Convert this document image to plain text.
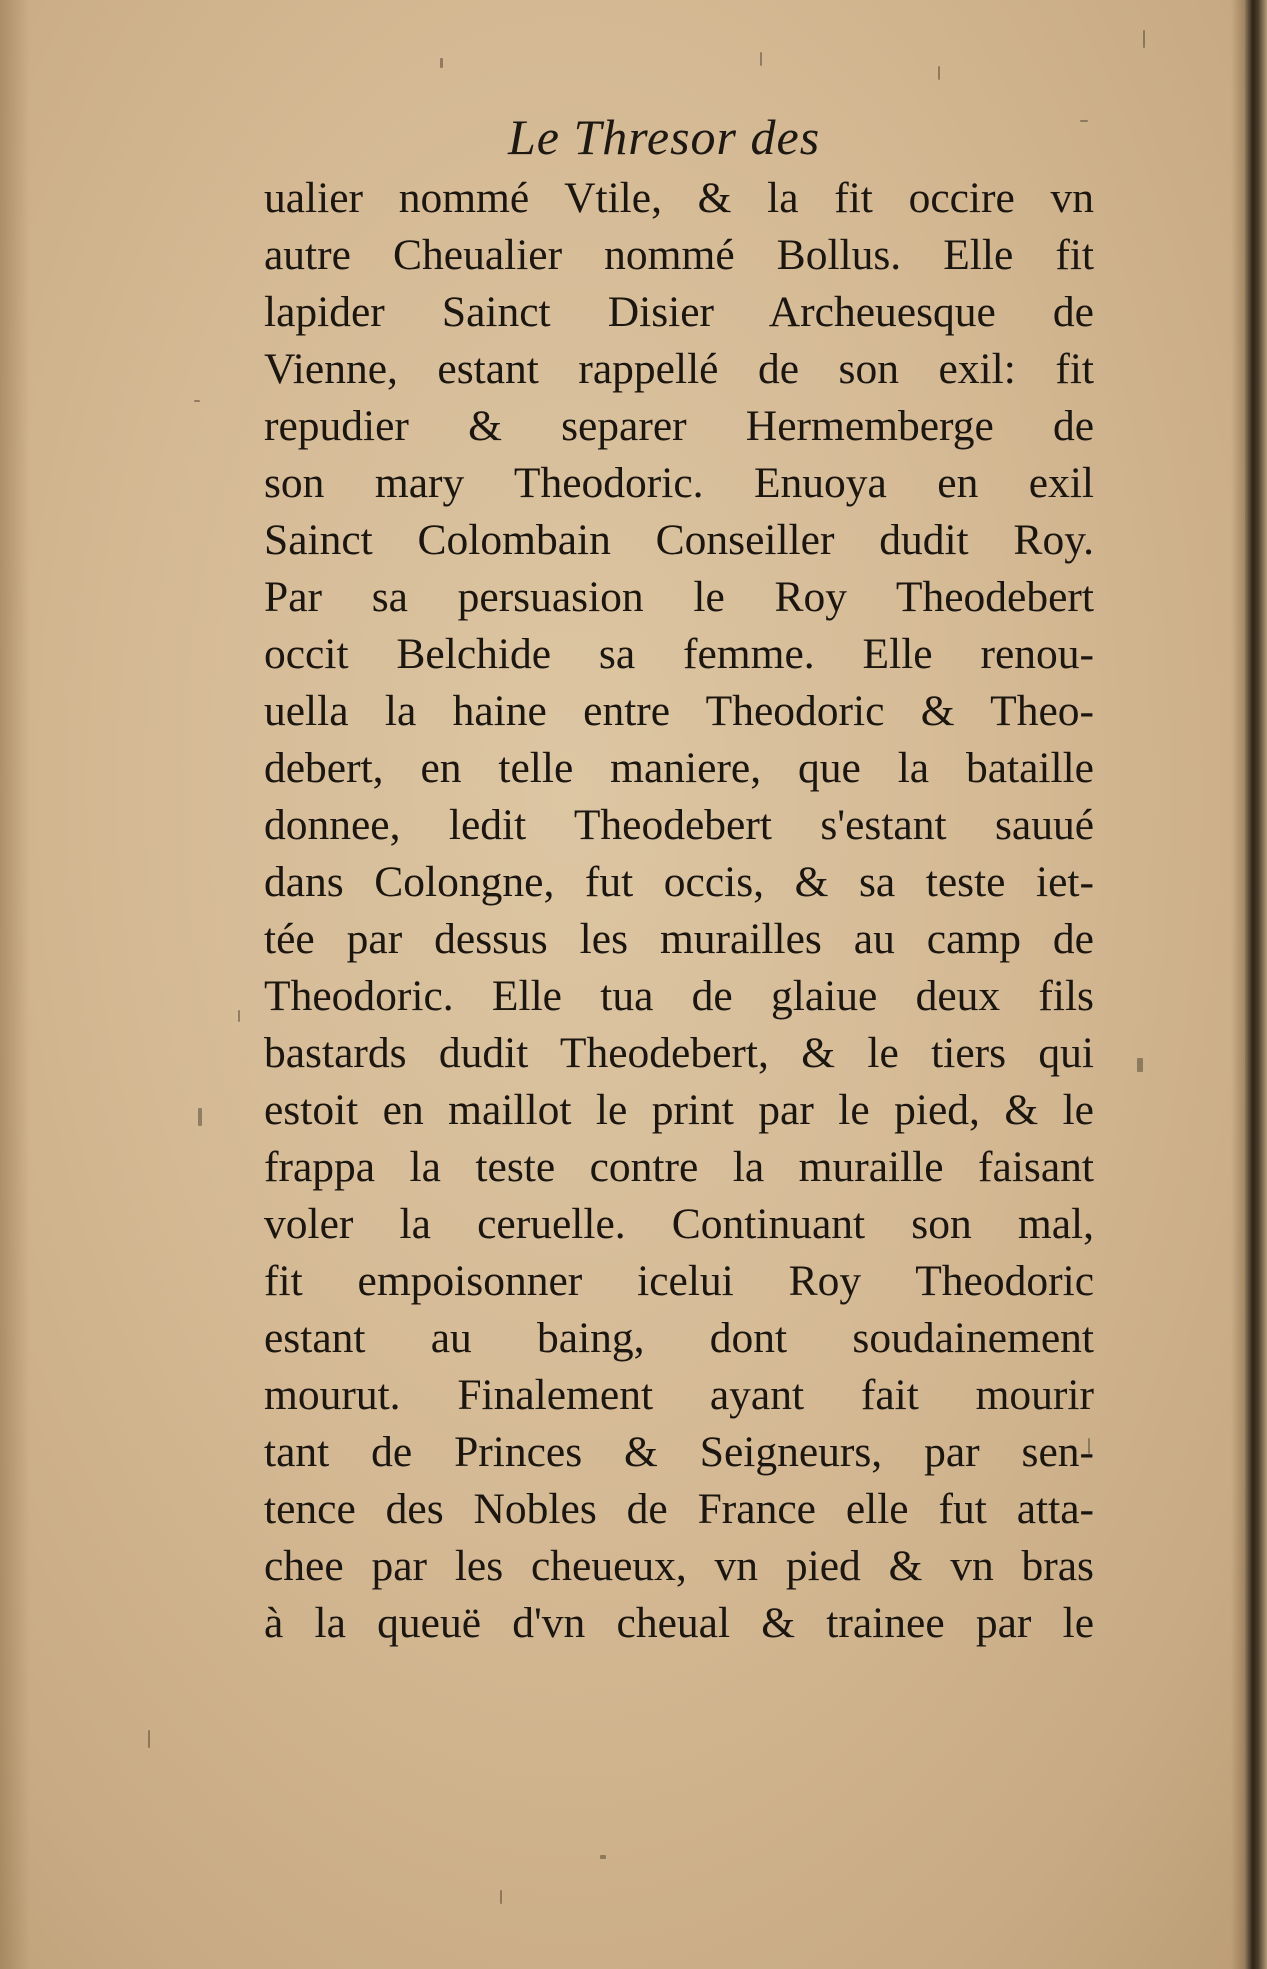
Le Thresor des
ualier nommé Vtile, & la fit occire vn
autre Cheualier nommé Bollus. Elle fit
lapider Sainct Disier Archeuesque de
Vienne, estant rappellé de son exil: fit
repudier & separer Hermemberge de
son mary Theodoric. Enuoya en exil
Sainct Colombain Conseiller dudit Roy.
Par sa persuasion le Roy Theodebert
occit Belchide sa femme. Elle renou-
uella la haine entre Theodoric & Theo-
debert, en telle maniere, que la bataille
donnee, ledit Theodebert s'estant sauué
dans Colongne, fut occis, & sa teste iet-
tée par dessus les murailles au camp de
Theodoric. Elle tua de glaiue deux fils
bastards dudit Theodebert, & le tiers qui
estoit en maillot le print par le pied, & le
frappa la teste contre la muraille faisant
voler la ceruelle. Continuant son mal,
fit empoisonner icelui Roy Theodoric
estant au baing, dont soudainement
mourut. Finalement ayant fait mourir
tant de Princes & Seigneurs, par sen-
tence des Nobles de France elle fut atta-
chee par les cheueux, vn pied & vn bras
à la queuë d'vn cheual & trainee par le
